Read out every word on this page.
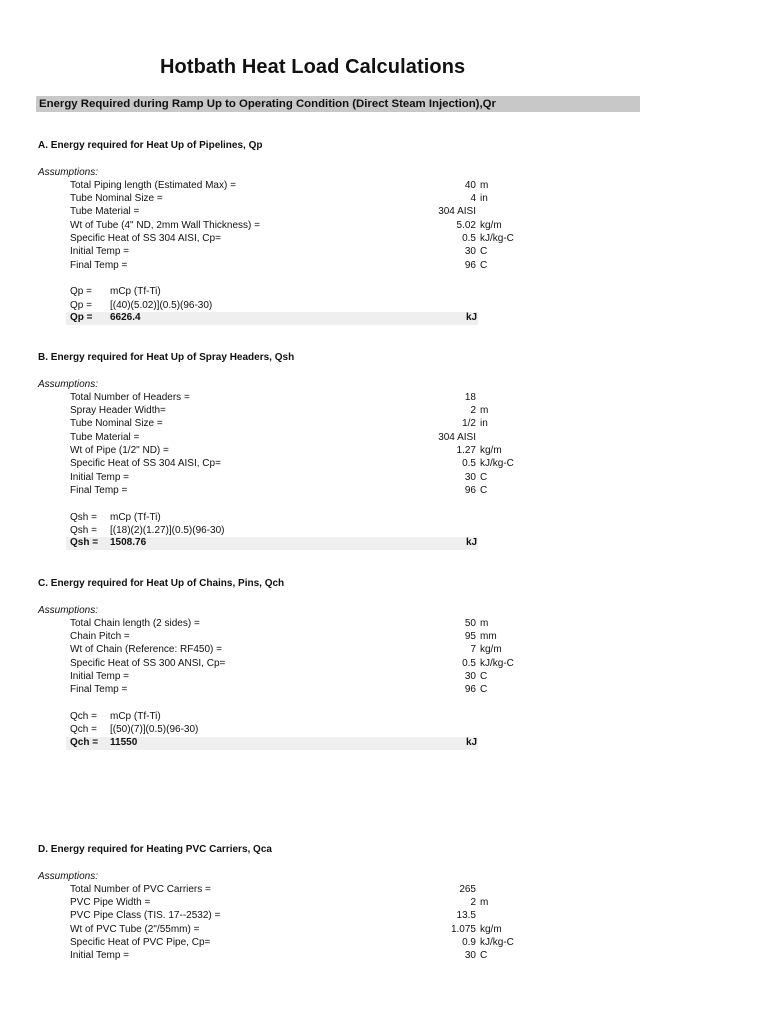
Hotbath Heat Load Calculations
Energy Required during Ramp Up to Operating Condition (Direct Steam Injection),Qr
A. Energy required for Heat Up of Pipelines, Qp
Assumptions:
Total Piping length (Estimated Max) =	40 m
Tube Nominal Size =	4 in
Tube Material =	304 AISI
Wt of Tube (4" ND, 2mm Wall Thickness) =	5.02 kg/m
Specific Heat of SS 304 AISI, Cp=	0.5 kJ/kg-C
Initial Temp =	30 C
Final Temp =	96 C
Qp = mCp (Tf-Ti)
Qp = [(40)(5.02)](0.5)(96-30)
Qp = 6626.4	kJ
B. Energy required for Heat Up of Spray Headers, Qsh
Assumptions:
Total Number of Headers =	18
Spray Header Width=	2 m
Tube Nominal Size =	1/2 in
Tube Material =	304 AISI
Wt of Pipe (1/2" ND) =	1.27 kg/m
Specific Heat of SS 304 AISI, Cp=	0.5 kJ/kg-C
Initial Temp =	30 C
Final Temp =	96 C
Qsh = mCp (Tf-Ti)
Qsh = [(18)(2)(1.27)](0.5)(96-30)
Qsh = 1508.76	kJ
C. Energy required for Heat Up of Chains, Pins, Qch
Assumptions:
Total Chain length (2 sides) =	50 m
Chain Pitch =	95 mm
Wt of Chain (Reference: RF450) =	7 kg/m
Specific Heat of SS 300 ANSI, Cp=	0.5 kJ/kg-C
Initial Temp =	30 C
Final Temp =	96 C
Qch = mCp (Tf-Ti)
Qch = [(50)(7)](0.5)(96-30)
Qch = 11550	kJ
D. Energy required for Heating PVC Carriers, Qca
Assumptions:
Total Number of PVC Carriers =	265
PVC Pipe Width =	2 m
PVC Pipe Class (TIS. 17--2532) =	13.5
Wt of PVC Tube (2"/55mm) =	1.075 kg/m
Specific Heat of PVC Pipe, Cp=	0.9 kJ/kg-C
Initial Temp =	30 C
